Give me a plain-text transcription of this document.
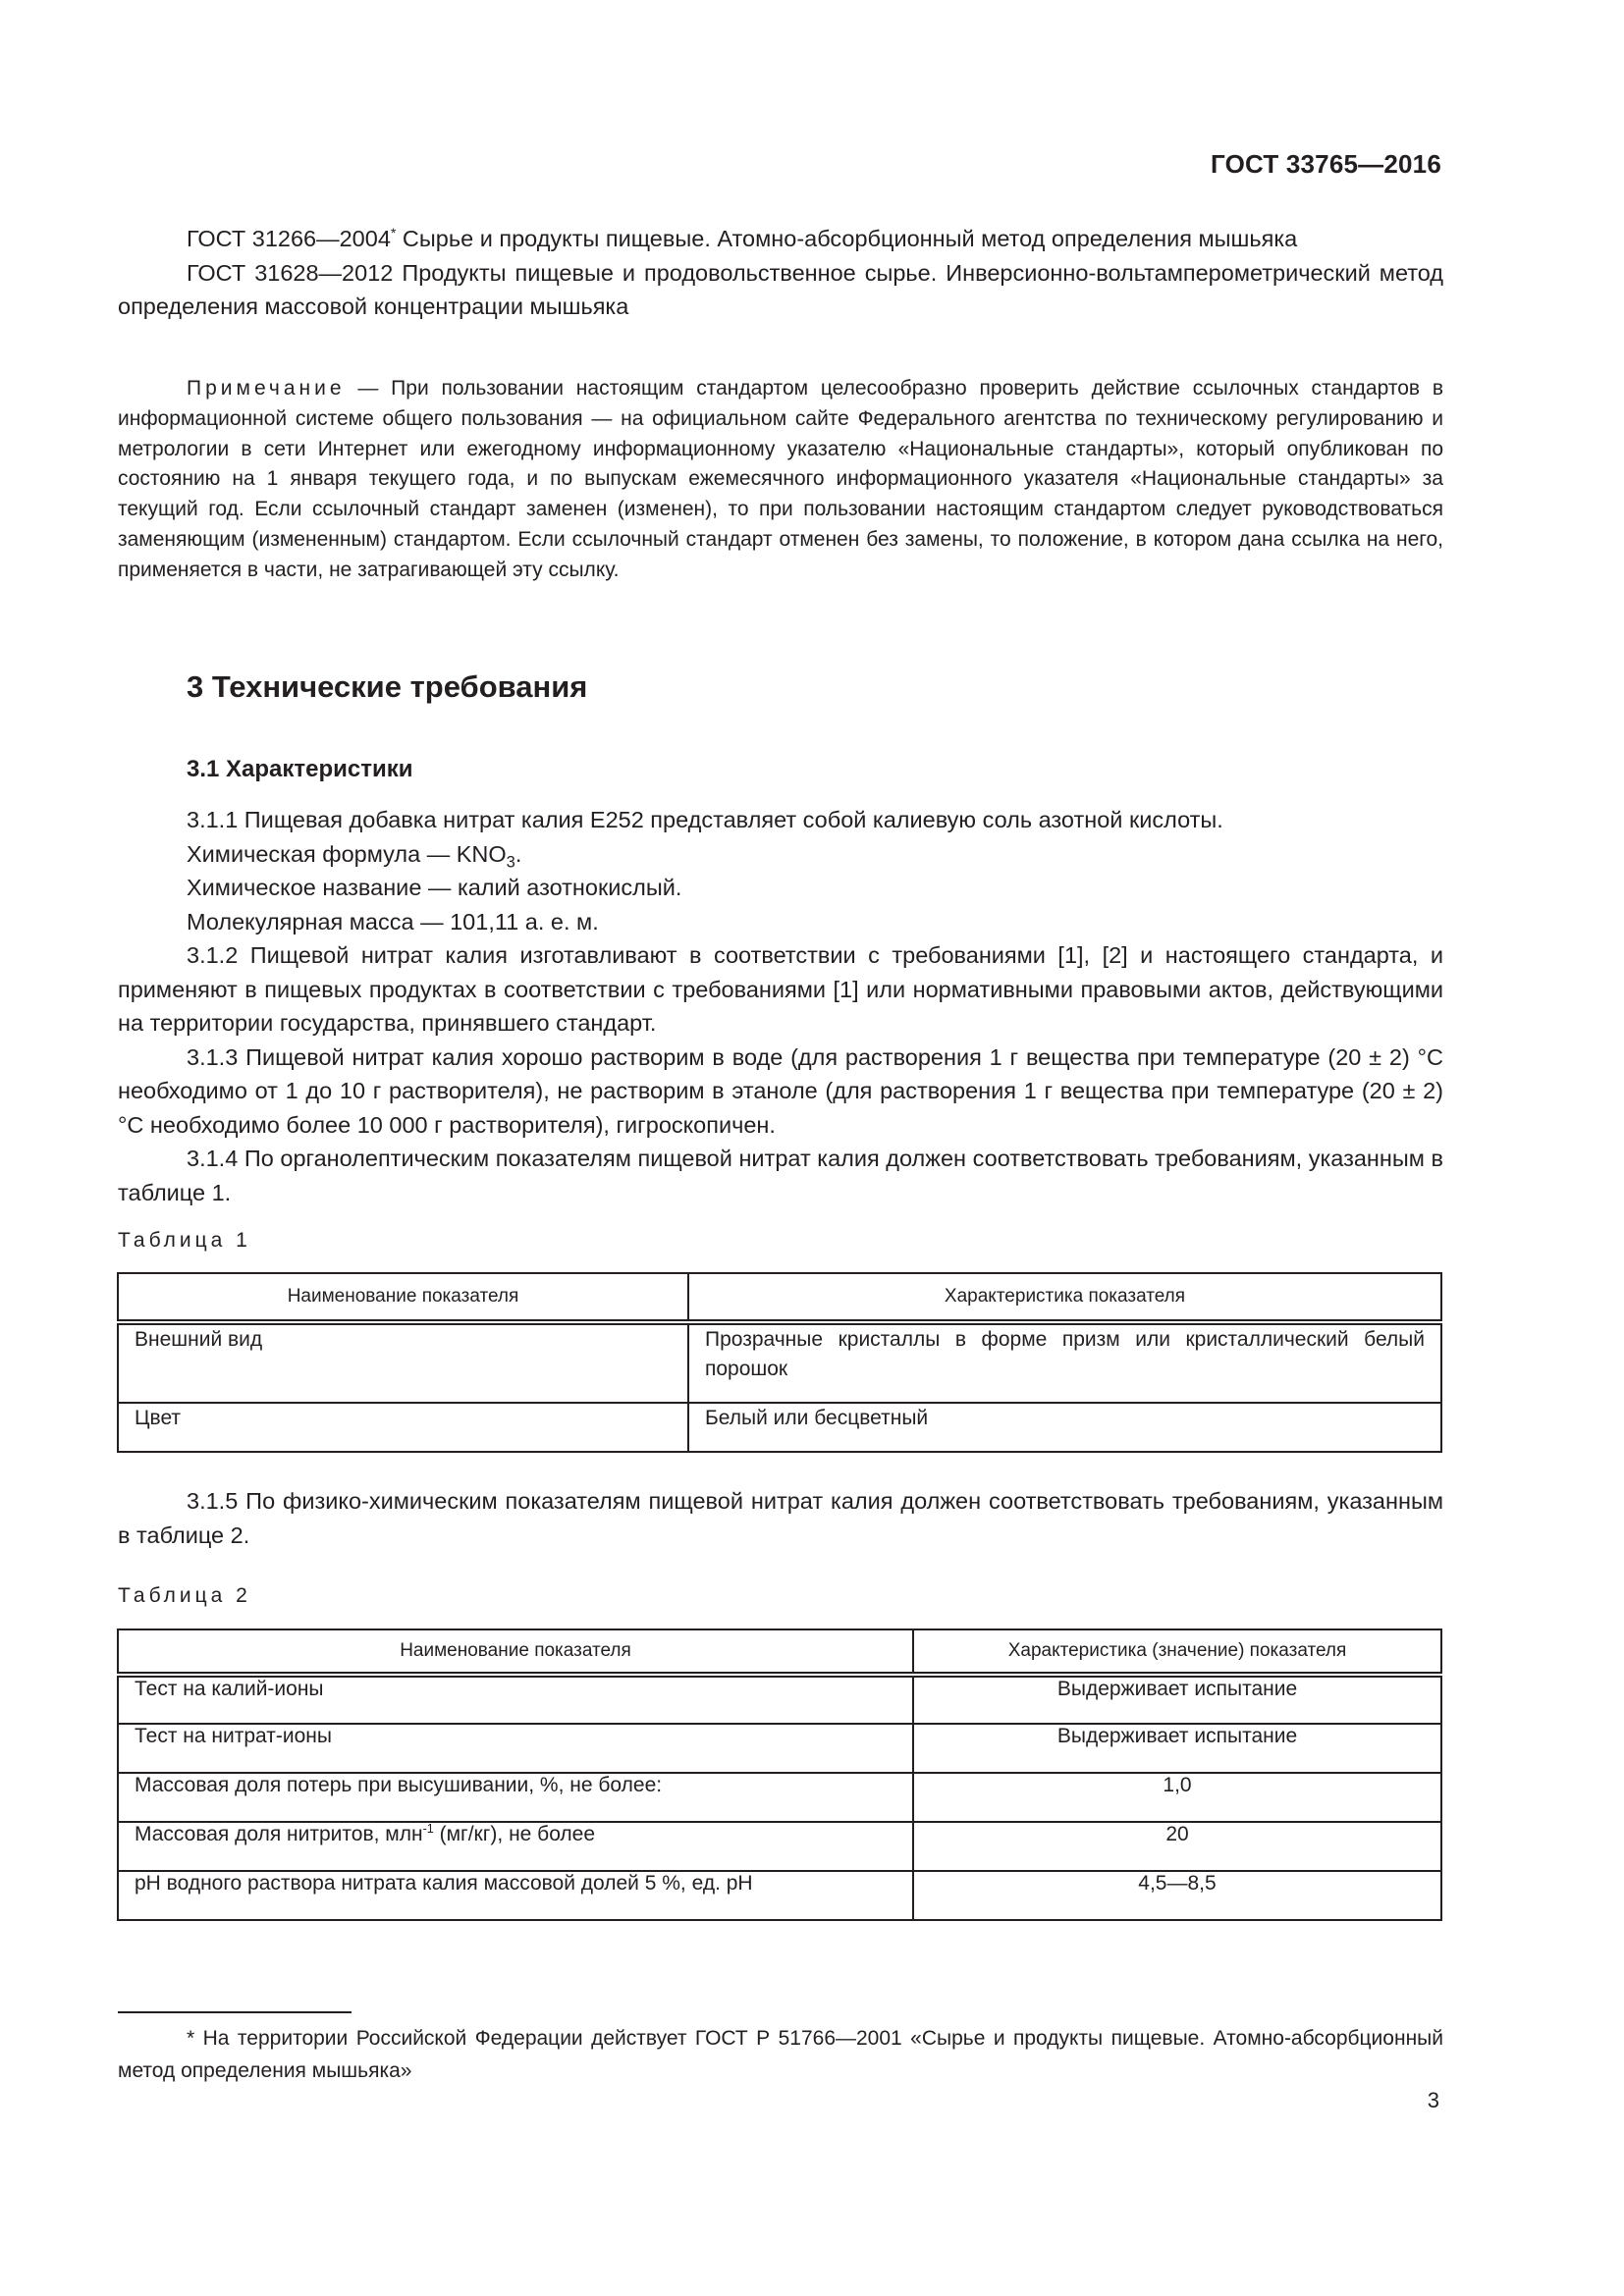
ГОСТ 33765—2016

ГОСТ 31266—2004* Сырье и продукты пищевые. Атомно-абсорбционный метод определения мышьяка

ГОСТ 31628—2012 Продукты пищевые и продовольственное сырье. Инверсионно-вольтамперометрический метод определения массовой концентрации мышьяка

Примечание — При пользовании настоящим стандартом целесообразно проверить действие ссылочных стандартов в информационной системе общего пользования — на официальном сайте Федерального агентства по техническому регулированию и метрологии в сети Интернет или ежегодному информационному указателю «Национальные стандарты», который опубликован по состоянию на 1 января текущего года, и по выпускам ежемесячного информационного указателя «Национальные стандарты» за текущий год. Если ссылочный стандарт заменен (изменен), то при пользовании настоящим стандартом следует руководствоваться заменяющим (измененным) стандартом. Если ссылочный стандарт отменен без замены, то положение, в котором дана ссылка на него, применяется в части, не затрагивающей эту ссылку.

3 Технические требования
3.1 Характеристики

3.1.1 Пищевая добавка нитрат калия Е252 представляет собой калиевую соль азотной кислоты.

Химическая формула — $KNO_3$.

Химическое название — калий азотнокислый.

Молекулярная масса — 101,11 а. е. м.

3.1.2 Пищевой нитрат калия изготавливают в соответствии с требованиями [1], [2] и настоящего стандарта, и применяют в пищевых продуктах в соответствии с требованиями [1] или нормативными правовыми актов, действующими на территории государства, принявшего стандарт.

3.1.3 Пищевой нитрат калия хорошо растворим в воде (для растворения 1 г вещества при температуре (20 ± 2) °С необходимо от 1 до 10 г растворителя), не растворим в этаноле (для растворения 1 г вещества при температуре (20 ± 2) °С необходимо более 10 000 г растворителя), гигроскопичен.

3.1.4 По органолептическим показателям пищевой нитрат калия должен соответствовать требованиям, указанным в таблице 1.

Таблица 1
Наименование показателя	Характеристика показателя
Внешний вид	Прозрачные кристаллы в форме призм или кристаллический белый порошок
Цвет	Белый или бесцветный

3.1.5 По физико-химическим показателям пищевой нитрат калия должен соответствовать требованиям, указанным в таблице 2.

Таблица 2
Наименование показателя	Характеристика (значение) показателя
Тест на калий-ионы	Выдерживает испытание
Тест на нитрат-ионы	Выдерживает испытание
Массовая доля потерь при высушивании, %, не более:	1,0
Массовая доля нитритов, млн$^{-1}$ (мг/кг), не более	20
pH водного раствора нитрата калия массовой долей 5 %, ед. pH	4,5—8,5

* На территории Российской Федерации действует ГОСТ Р 51766—2001 «Сырье и продукты пищевые. Атомно-абсорбционный метод определения мышьяка»

3
